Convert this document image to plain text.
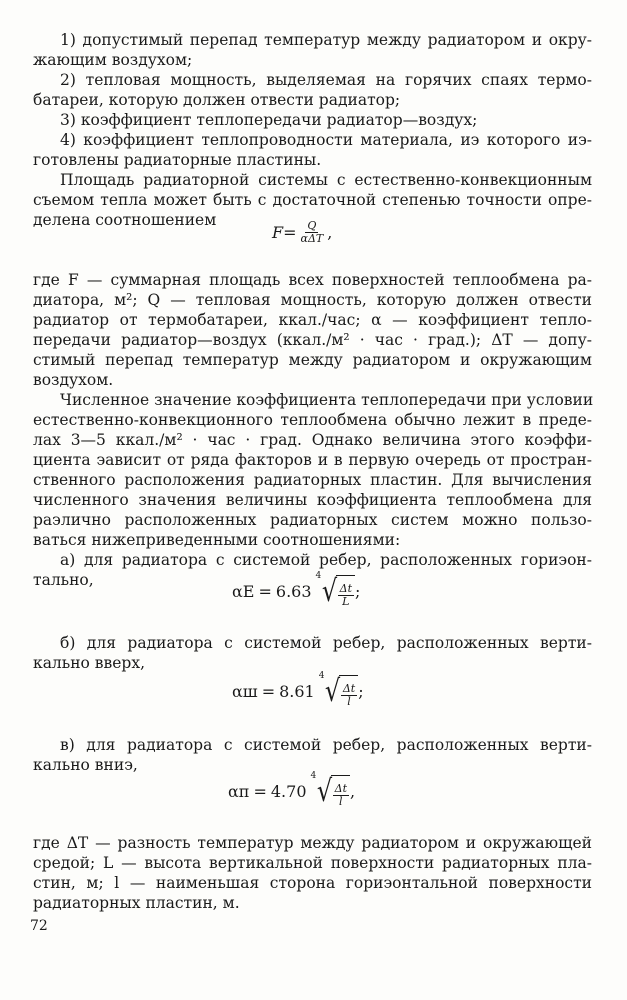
1) допустимый перепад температур между радиатором и окру-
жающим воздухом;
2) тепловая мощность, выделяемая на горячих спаях термо-
батареи, которую должен отвести радиатор;
3) коэффициент теплопередачи радиатор—воздух;
4) коэффициент теплопроводности материала, иэ которого иэ-
готовлены радиаторные пластины.
Площадь радиаторной системы с естественно-конвекционным
съемом тепла может быть с достаточной степенью точности опре-
делена соотношением
$F = \frac{Q}{\text{αΔT}}$ ,
где F — суммарная площадь всех поверхностей теплообмена ра-
диатора, м²; Q — тепловая мощность, которую должен отвести
радиатор от термобатареи, ккал./час; α — коэффициент тепло-
передачи радиатор—воздух (ккал./м² · час · град.); ΔT — допу-
стимый перепад температур между радиатором и окружающим
воздухом.
Численное значение коэффициента теплопередачи при условии
естественно-конвекционного теплообмена обычно лежит в преде-
лах 3—5 ккал./м² · час · град. Однако величина этого коэффи-
циента эависит от ряда факторов и в первую очередь от простран-
ственного расположения радиаторных пластин. Для вычисления
численного значения величины коэффициента теплообмена для
раэлично расположенных радиаторных систем можно пользо-
ваться нижеприведенными соотношениями:
а) для радиатора с системой ребер, расположенных гориэон-
тально,
αΕ = 6.63
4 √ $\frac{\Delta t}{L}$ ;
б) для радиатора с системой ребер, расположенных верти-
кально вверх,
αш = 8.61
4 √ $\frac{\Delta t}{l}$ ;
в) для радиатора с системой ребер, расположенных верти-
кально вниэ,
αп = 4.70
4 √ $\frac{\Delta t}{l}$ ,
где ΔT — разность температур между радиатором и окружающей
средой; L — высота вертикальной поверхности радиаторных пла-
стин, м; l — наименьшая сторона гориэонтальной поверхности
радиаторных пластин, м.
72
